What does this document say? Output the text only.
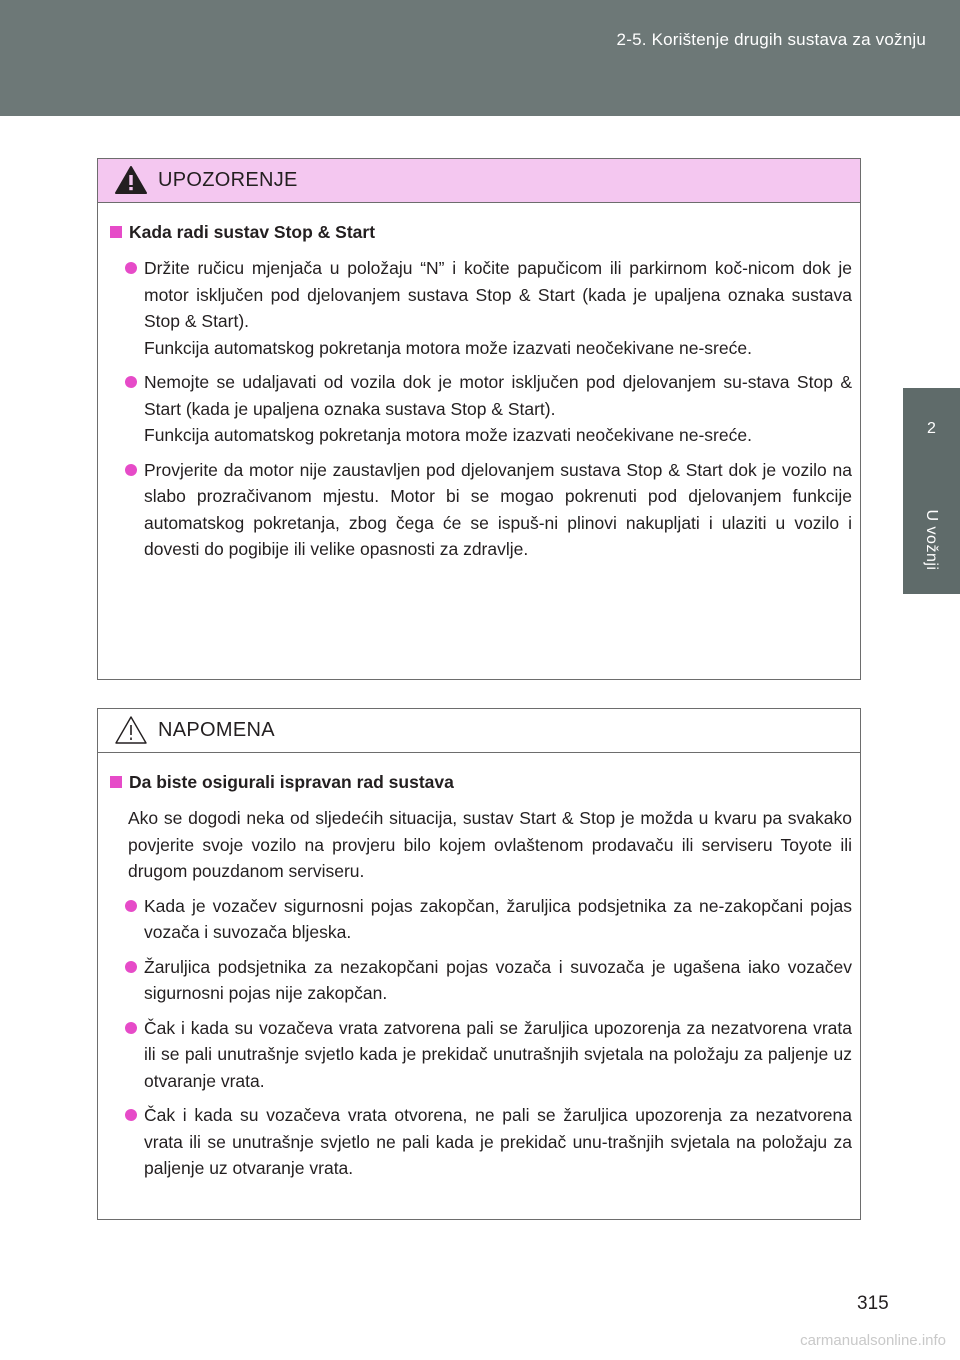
2-5. Korištenje drugih sustava za vožnju
2
U vožnji
UPOZORENJE
Kada radi sustav Stop & Start

Držite ručicu mjenjača u položaju “N” i kočite papučicom ili parkirnom koč-nicom dok je motor isključen pod djelovanjem sustava Stop & Start (kada je upaljena oznaka sustava Stop & Start).

Funkcija automatskog pokretanja motora može izazvati neočekivane ne-sreće.

Nemojte se udaljavati od vozila dok je motor isključen pod djelovanjem su-stava Stop & Start (kada je upaljena oznaka sustava Stop & Start).

Funkcija automatskog pokretanja motora može izazvati neočekivane ne-sreće.

Provjerite da motor nije zaustavljen pod djelovanjem sustava Stop & Start dok je vozilo na slabo prozračivanom mjestu. Motor bi se mogao pokrenuti pod djelovanjem funkcije automatskog pokretanja, zbog čega će se ispuš-ni plinovi nakupljati i ulaziti u vozilo i dovesti do pogibije ili velike opasnosti za zdravlje.

NAPOMENA
Da biste osigurali ispravan rad sustava
Ako se dogodi neka od sljedećih situacija, sustav Start & Stop je možda u kvaru pa svakako povjerite svoje vozilo na provjeru bilo kojem ovlaštenom prodavaču ili serviseru Toyote ili drugom pouzdanom serviseru.

Kada je vozačev sigurnosni pojas zakopčan, žaruljica podsjetnika za ne-zakopčani pojas vozača i suvozača bljeska.

Žaruljica podsjetnika za nezakopčani pojas vozača i suvozača je ugašena iako vozačev sigurnosni pojas nije zakopčan.

Čak i kada su vozačeva vrata zatvorena pali se žaruljica upozorenja za nezatvorena vrata ili se pali unutrašnje svjetlo kada je prekidač unutrašnjih svjetala na položaju za paljenje uz otvaranje vrata.

Čak i kada su vozačeva vrata otvorena, ne pali se žaruljica upozorenja za nezatvorena vrata ili se unutrašnje svjetlo ne pali kada je prekidač unu-trašnjih svjetala na položaju za paljenje uz otvaranje vrata.

315
carmanualsonline.info
